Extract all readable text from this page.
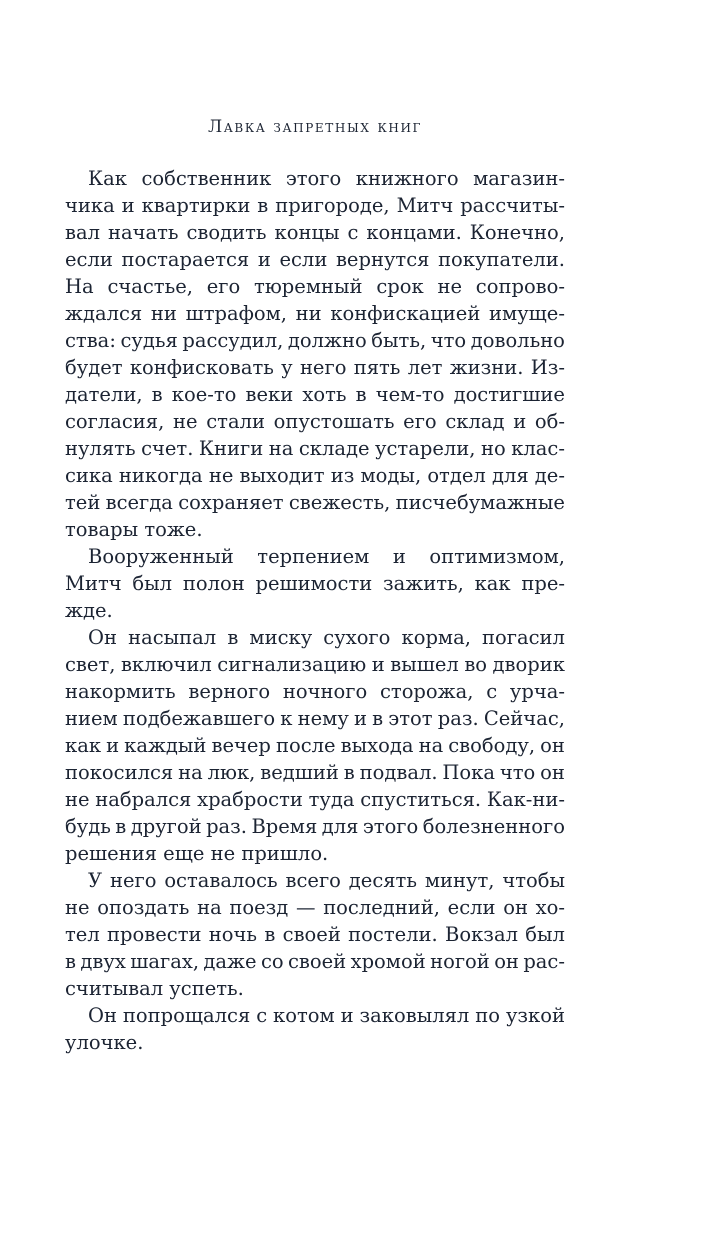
Лавка запретных книг
Как собственник этого книжного магазин-
чика и квартирки в пригороде, Митч рассчиты-
вал начать сводить концы с концами. Конечно,
если постарается и если вернутся покупатели.
На счастье, его тюремный срок не сопрово-
ждался ни штрафом, ни конфискацией имуще-
ства: судья рассудил, должно быть, что довольно
будет конфисковать у него пять лет жизни. Из-
датели, в кое-то веки хоть в чем-то достигшие
согласия, не стали опустошать его склад и об-
нулять счет. Книги на складе устарели, но клас-
сика никогда не выходит из моды, отдел для де-
тей всегда сохраняет свежесть, писчебумажные
товары тоже.
Вооруженный терпением и оптимизмом,
Митч был полон решимости зажить, как пре-
жде.
Он насыпал в миску сухого корма, погасил
свет, включил сигнализацию и вышел во дворик
накормить верного ночного сторожа, с урча-
нием подбежавшего к нему и в этот раз. Сейчас,
как и каждый вечер после выхода на свободу, он
покосился на люк, ведший в подвал. Пока что он
не набрался храбрости туда спуститься. Как-ни-
будь в другой раз. Время для этого болезненного
решения еще не пришло.
У него оставалось всего десять минут, чтобы
не опоздать на поезд — последний, если он хо-
тел провести ночь в своей постели. Вокзал был
в двух шагах, даже со своей хромой ногой он рас-
считывал успеть.
Он попрощался с котом и заковылял по узкой
улочке.
